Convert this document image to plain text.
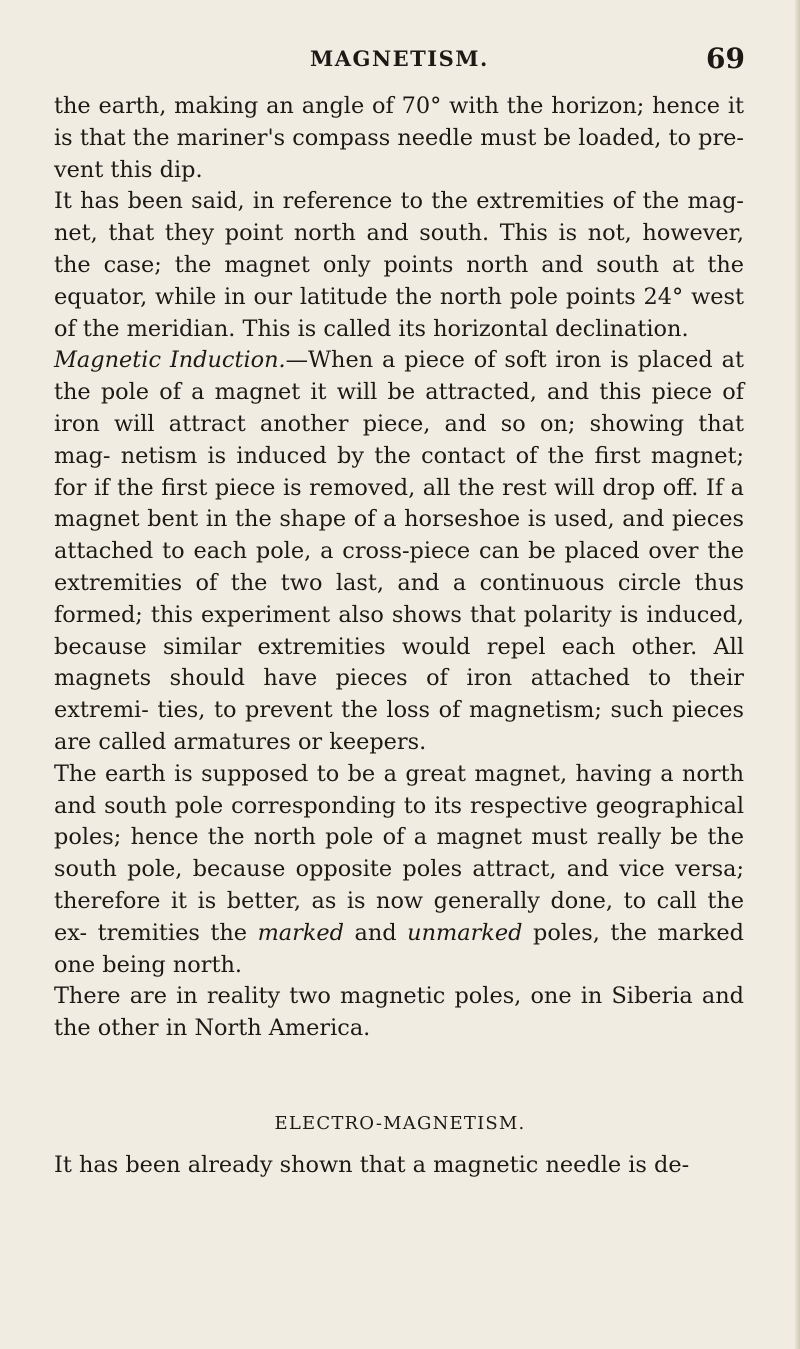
MAGNETISM.	69

the earth, making an angle of 70° with the horizon; hence it is that the mariner's compass needle must be loaded, to pre- vent this dip.

It has been said, in reference to the extremities of the mag- net, that they point north and south. This is not, however, the case; the magnet only points north and south at the equator, while in our latitude the north pole points 24° west of the meridian. This is called its horizontal declination.

Magnetic Induction.—When a piece of soft iron is placed at the pole of a magnet it will be attracted, and this piece of iron will attract another piece, and so on; showing that mag- netism is induced by the contact of the first magnet; for if the first piece is removed, all the rest will drop off. If a magnet bent in the shape of a horseshoe is used, and pieces attached to each pole, a cross-piece can be placed over the extremities of the two last, and a continuous circle thus formed; this experiment also shows that polarity is induced, because similar extremities would repel each other. All magnets should have pieces of iron attached to their extremi- ties, to prevent the loss of magnetism; such pieces are called armatures or keepers.

The earth is supposed to be a great magnet, having a north and south pole corresponding to its respective geographical poles; hence the north pole of a magnet must really be the south pole, because opposite poles attract, and vice versa; therefore it is better, as is now generally done, to call the ex- tremities the marked and unmarked poles, the marked one being north.

There are in reality two magnetic poles, one in Siberia and the other in North America.

ELECTRO-MAGNETISM.

It has been already shown that a magnetic needle is de-
